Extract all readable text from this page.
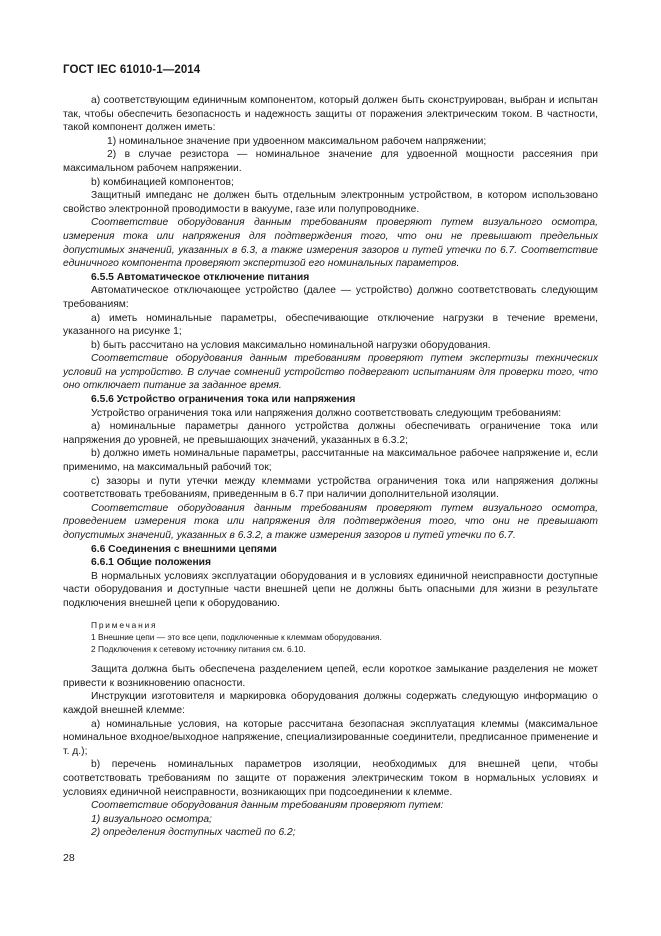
ГОСТ IEC 61010-1—2014

a) соответствующим единичным компонентом, который должен быть сконструирован, выбран и испытан так, чтобы обеспечить безопасность и надежность защиты от поражения электрическим током. В частности, такой компонент должен иметь:

1) номинальное значение при удвоенном максимальном рабочем напряжении;

2) в случае резистора — номинальное значение для удвоенной мощности рассеяния при максимальном рабочем напряжении.

b) комбинацией компонентов;

Защитный импеданс не должен быть отдельным электронным устройством, в котором использовано свойство электронной проводимости в вакууме, газе или полупроводнике.

Соответствие оборудования данным требованиям проверяют путем визуального осмотра, измерения тока или напряжения для подтверждения того, что они не превышают предельных допустимых значений, указанных в 6.3, а также измерения зазоров и путей утечки по 6.7. Соответствие единичного компонента проверяют экспертизой его номинальных параметров.

6.5.5 Автоматическое отключение питания

Автоматическое отключающее устройство (далее — устройство) должно соответствовать следующим требованиям:

a) иметь номинальные параметры, обеспечивающие отключение нагрузки в течение времени, указанного на рисунке 1;

b) быть рассчитано на условия максимально номинальной нагрузки оборудования.

Соответствие оборудования данным требованиям проверяют путем экспертизы технических условий на устройство. В случае сомнений устройство подвергают испытаниям для проверки того, что оно отключает питание за заданное время.

6.5.6 Устройство ограничения тока или напряжения

Устройство ограничения тока или напряжения должно соответствовать следующим требованиям:

a) номинальные параметры данного устройства должны обеспечивать ограничение тока или напряжения до уровней, не превышающих значений, указанных в 6.3.2;

b) должно иметь номинальные параметры, рассчитанные на максимальное рабочее напряжение и, если применимо, на максимальный рабочий ток;

c) зазоры и пути утечки между клеммами устройства ограничения тока или напряжения должны соответствовать требованиям, приведенным в 6.7 при наличии дополнительной изоляции.

Соответствие оборудования данным требованиям проверяют путем визуального осмотра, проведением измерения тока или напряжения для подтверждения того, что они не превышают допустимых значений, указанных в 6.3.2, а также измерения зазоров и путей утечки по 6.7.

6.6 Соединения с внешними цепями

6.6.1 Общие положения

В нормальных условиях эксплуатации оборудования и в условиях единичной неисправности доступные части оборудования и доступные части внешней цепи не должны быть опасными для жизни в результате подключения внешней цепи к оборудованию.

Примечания

1 Внешние цепи — это все цепи, подключенные к клеммам оборудования.

2 Подключения к сетевому источнику питания см. 6.10.

Защита должна быть обеспечена разделением цепей, если короткое замыкание разделения не может привести к возникновению опасности.

Инструкции изготовителя и маркировка оборудования должны содержать следующую информацию о каждой внешней клемме:

a) номинальные условия, на которые рассчитана безопасная эксплуатация клеммы (максимальное номинальное входное/выходное напряжение, специализированные соединители, предписанное применение и т. д.);

b) перечень номинальных параметров изоляции, необходимых для внешней цепи, чтобы соответствовать требованиям по защите от поражения электрическим током в нормальных условиях и условиях единичной неисправности, возникающих при подсоединении к клемме.

Соответствие оборудования данным требованиям проверяют путем:

1) визуального осмотра;

2) определения доступных частей по 6.2;

28
